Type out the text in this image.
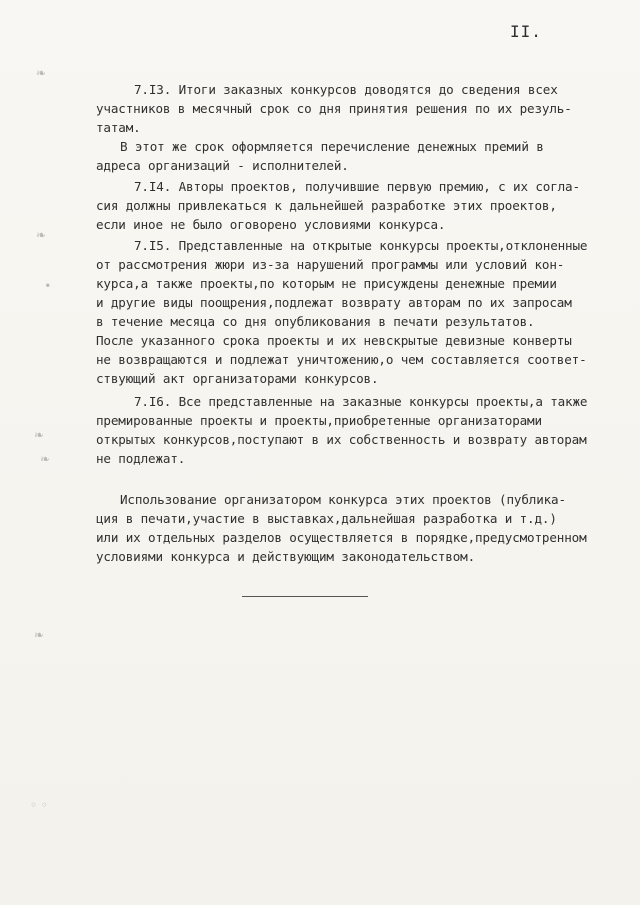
II.
7.I3. Итоги заказных конкурсов доводятся до сведения всех
участников в месячный срок со дня принятия решения по их резуль-
татам.
В этот же срок оформляется перечисление денежных премий в
адреса организаций - исполнителей.
7.I4. Авторы проектов, получившие первую премию, с их согла-
сия должны привлекаться к дальнейшей разработке этих проектов,
если иное не было оговорено условиями конкурса.
7.I5. Представленные на открытые конкурсы проекты,отклоненные
от рассмотрения жюри из-за нарушений программы или условий кон-
курса,а также проекты,по которым не присуждены денежные премии
и другие виды поощрения,подлежат возврату авторам по их запросам
в течение месяца со дня опубликования в печати результатов.
После указанного срока проекты и их невскрытые девизные конверты
не возвращаются и подлежат уничтожению,о чем составляется соответ-
ствующий акт организаторами конкурсов.
7.I6. Все представленные на заказные конкурсы проекты,а также
премированные проекты и проекты,приобретенные организаторами
открытых конкурсов,поступают в их собственность и возврату авторам
не подлежат.
Использование организатором конкурса этих проектов (публика-
ция в печати,участие в выставках,дальнейшая разработка и т.д.)
или их отдельных разделов осуществляется в порядке,предусмотренном
условиями конкурса и действующим законодательством.
❧
❧
∙
❧
❧
❧
◦ ◦
